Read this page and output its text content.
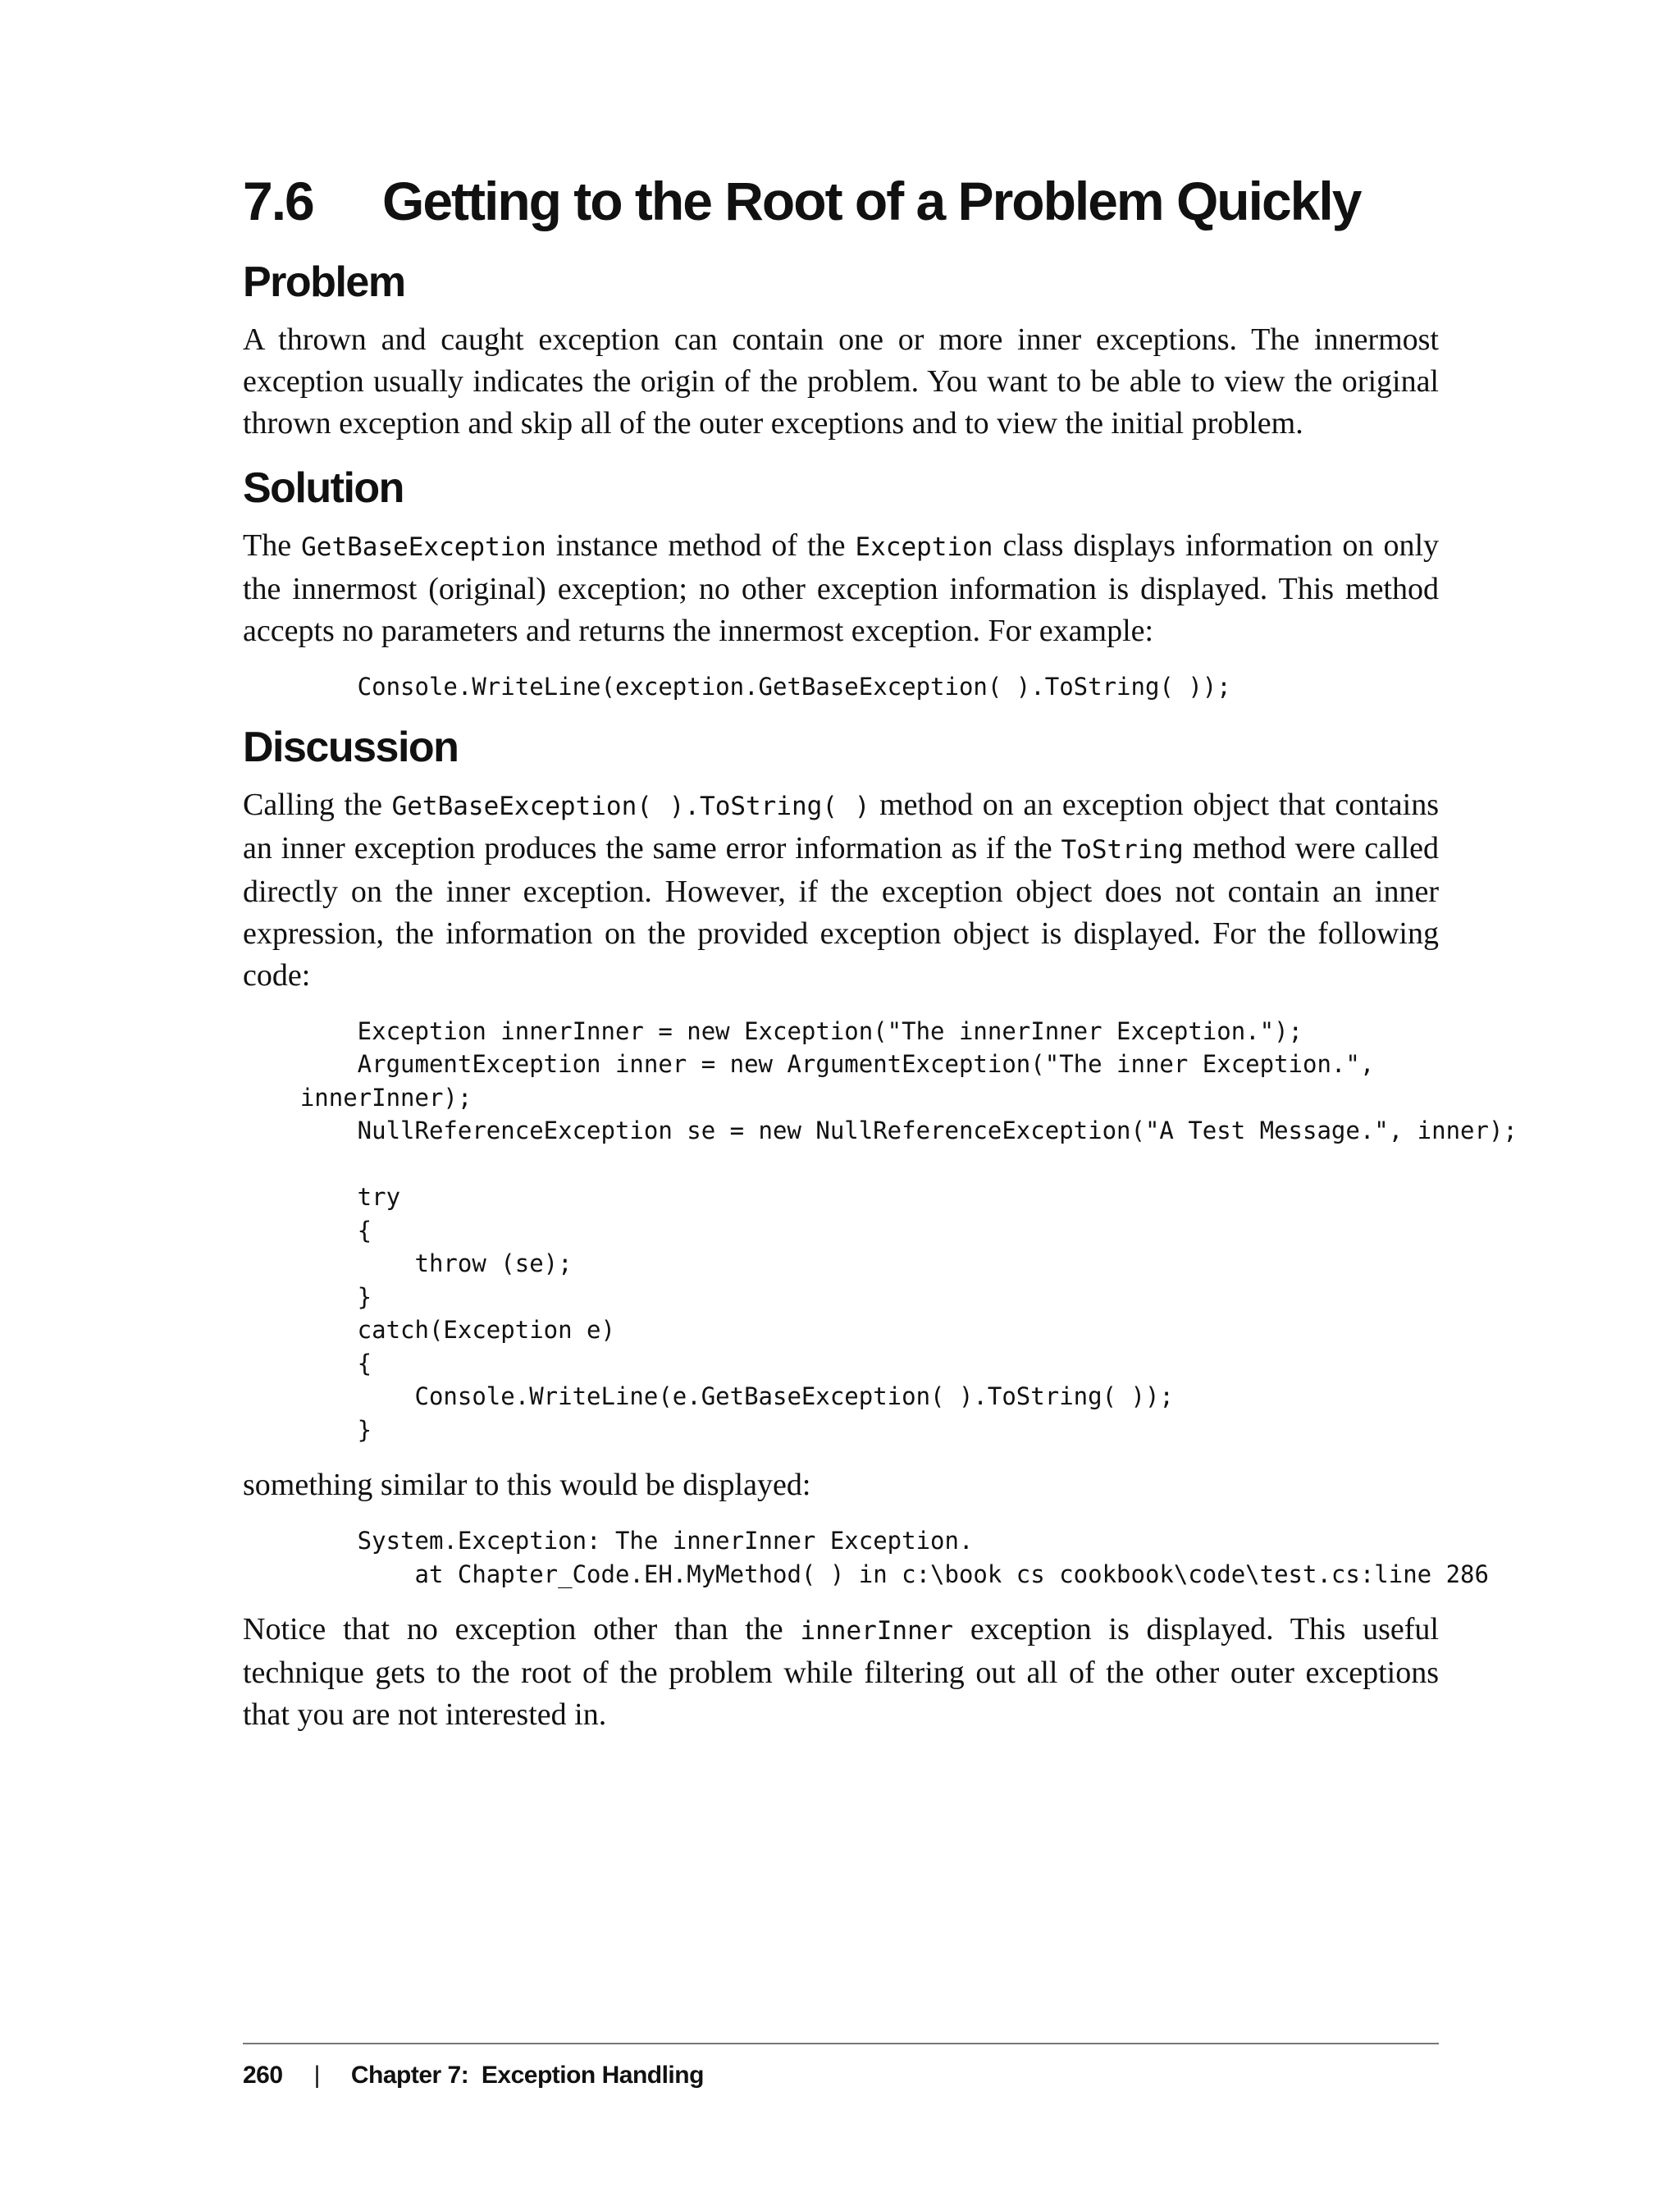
7.6 Getting to the Root of a Problem Quickly
Problem

A thrown and caught exception can contain one or more inner exceptions. The innermost exception usually indicates the origin of the problem. You want to be able to view the original thrown exception and skip all of the outer exceptions and to view the initial problem.

Solution

The GetBaseException instance method of the Exception class displays information on only the innermost (original) exception; no other exception information is displayed. This method accepts no parameters and returns the innermost exception. For example:

Console.WriteLine(exception.GetBaseException( ).ToString( ));
Discussion

Calling the GetBaseException( ).ToString( ) method on an exception object that contains an inner exception produces the same error information as if the ToString method were called directly on the inner exception. However, if the exception object does not contain an inner expression, the information on the provided exception object is displayed. For the following code:

Exception innerInner = new Exception("The innerInner Exception.");
ArgumentException inner = new ArgumentException("The inner Exception.",
innerInner);
NullReferenceException se = new NullReferenceException("A Test Message.", inner);

try
{
throw (se);
}
catch(Exception e)
{
Console.WriteLine(e.GetBaseException( ).ToString( ));
}

something similar to this would be displayed:

System.Exception: The innerInner Exception.
at Chapter_Code.EH.MyMethod( ) in c:\book cs cookbook\code\test.cs:line 286

Notice that no exception other than the innerInner exception is displayed. This useful technique gets to the root of the problem while filtering out all of the other outer exceptions that you are not interested in.

260 | Chapter 7:  Exception Handling
